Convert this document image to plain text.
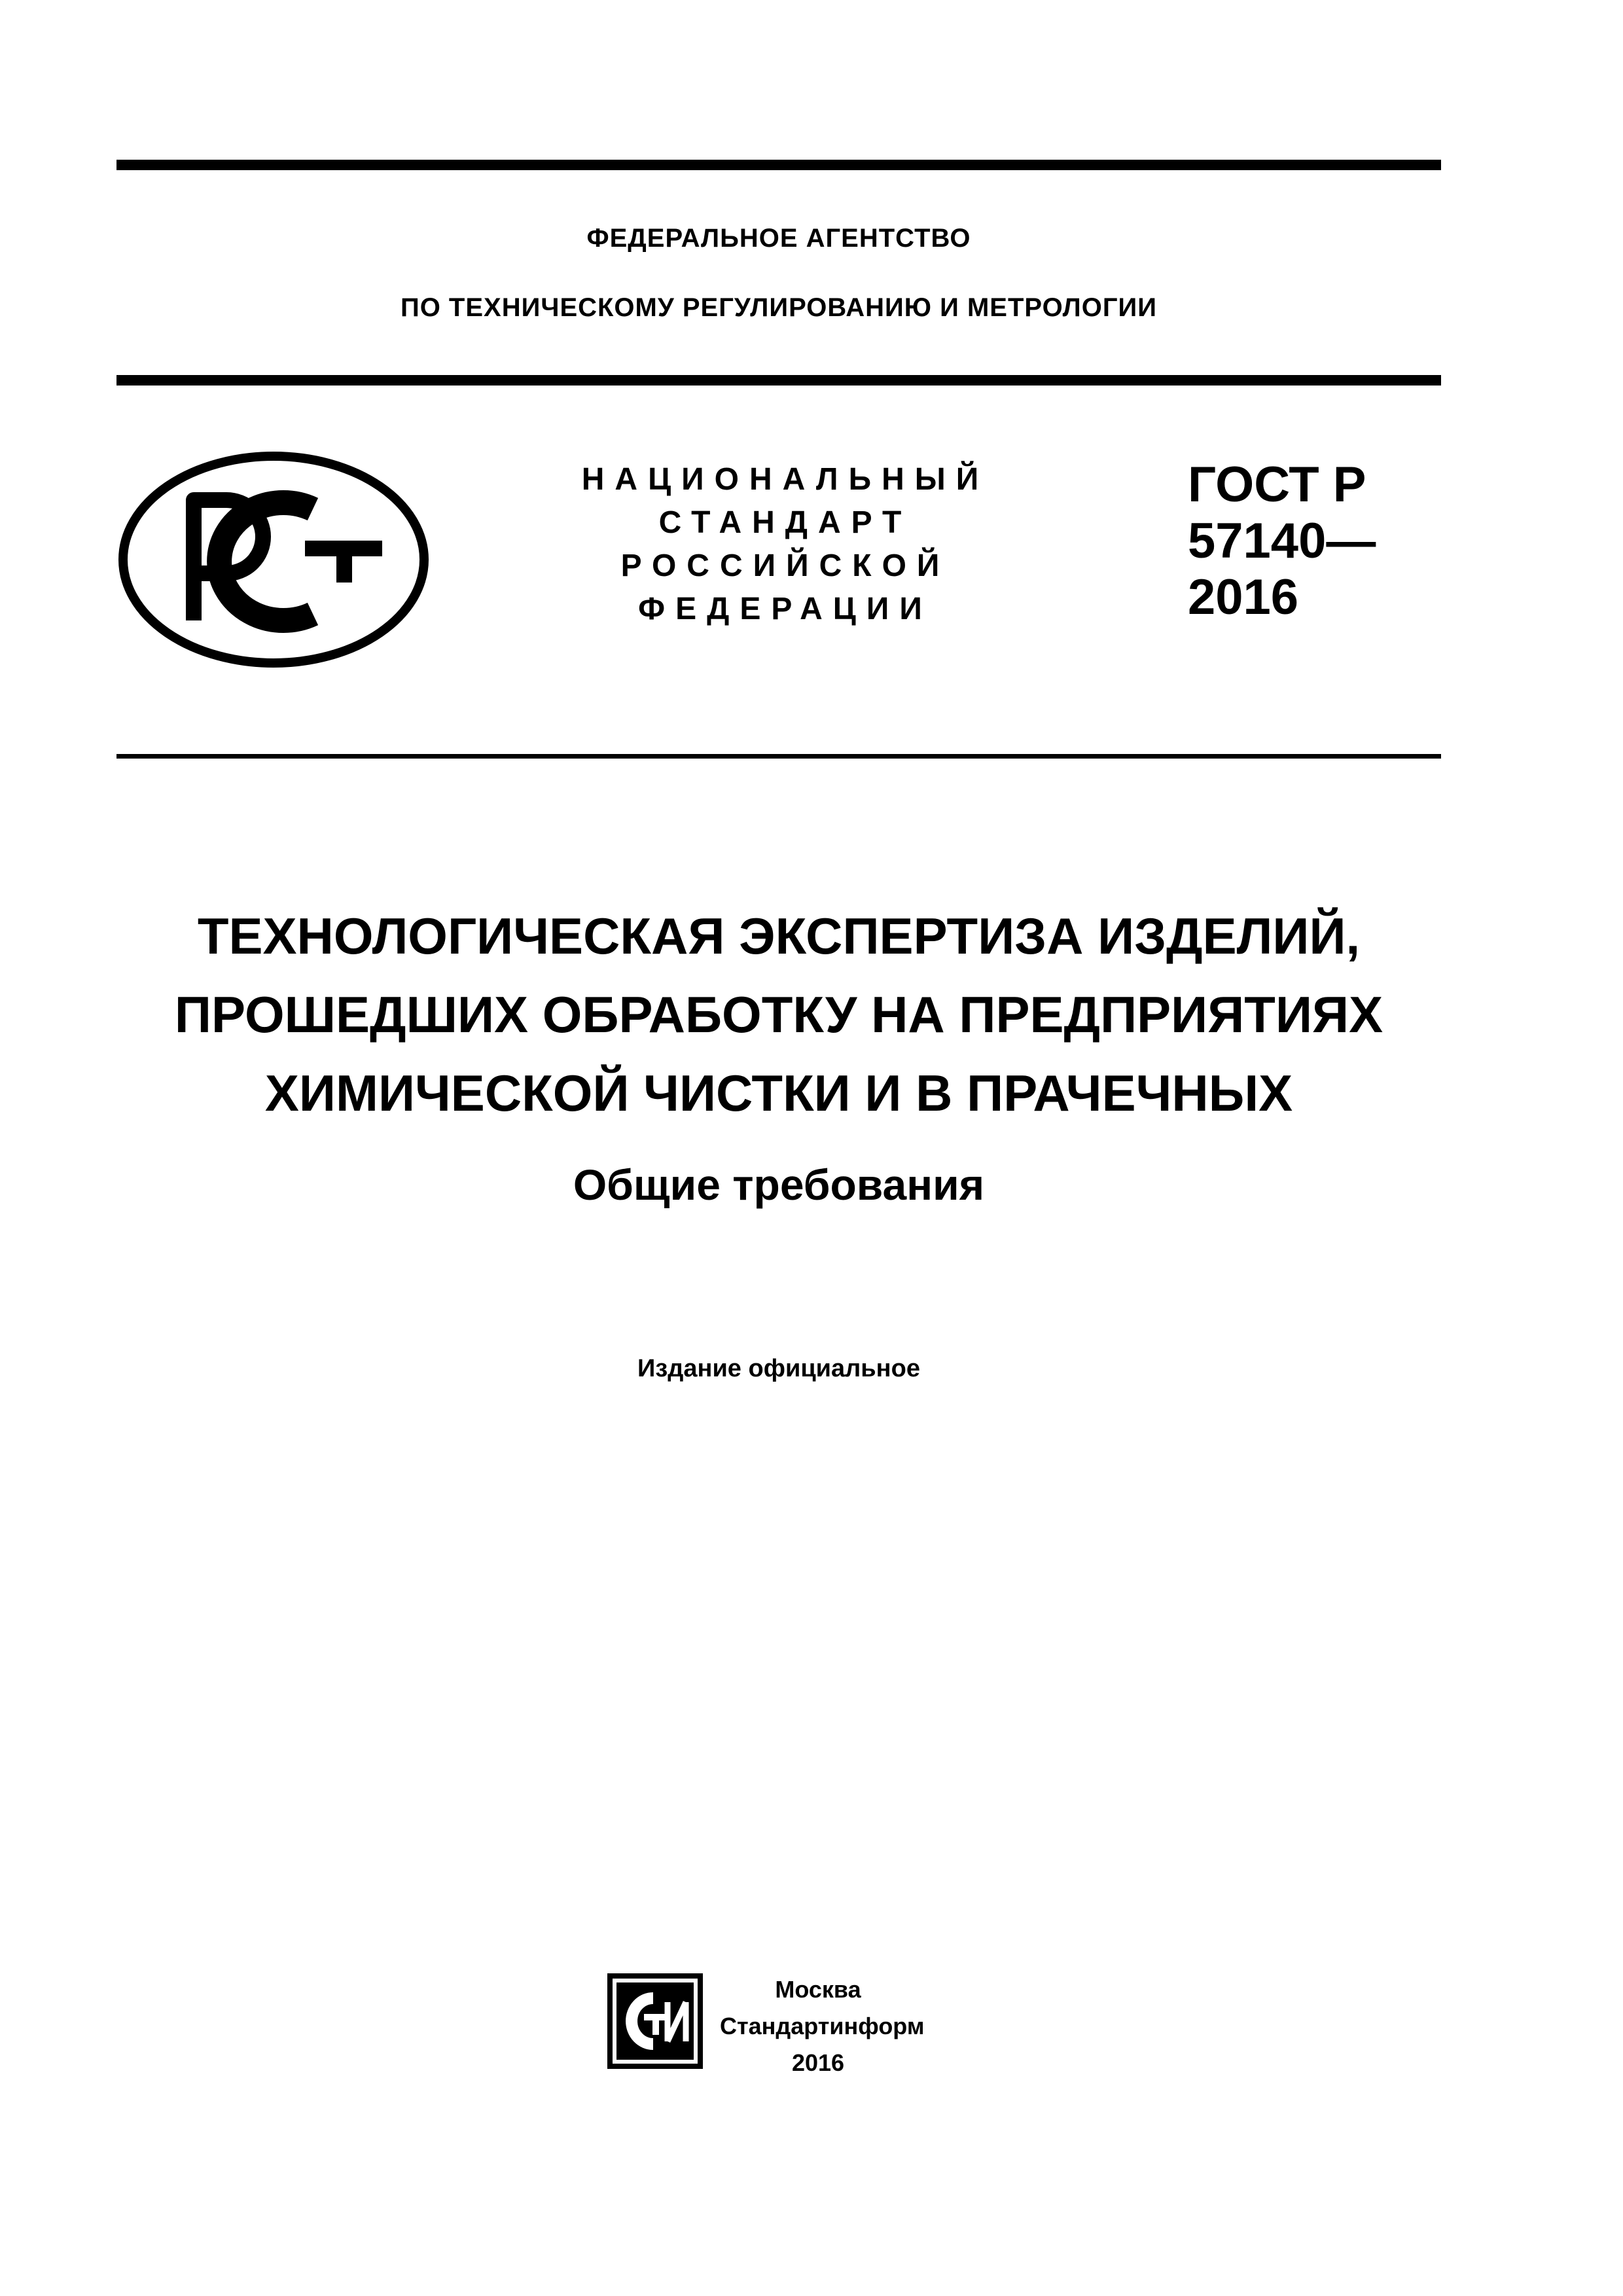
ФЕДЕРАЛЬНОЕ АГЕНТСТВО
ПО ТЕХНИЧЕСКОМУ РЕГУЛИРОВАНИЮ И МЕТРОЛОГИИ
НАЦИОНАЛЬНЫЙ
СТАНДАРТ
РОССИЙСКОЙ
ФЕДЕРАЦИИ
ГОСТ Р
57140—
2016
ТЕХНОЛОГИЧЕСКАЯ ЭКСПЕРТИЗА ИЗДЕЛИЙ,
ПРОШЕДШИХ ОБРАБОТКУ НА ПРЕДПРИЯТИЯХ
ХИМИЧЕСКОЙ ЧИСТКИ И В ПРАЧЕЧНЫХ
Общие требования
Издание официальное
Москва
Стандартинформ
2016
